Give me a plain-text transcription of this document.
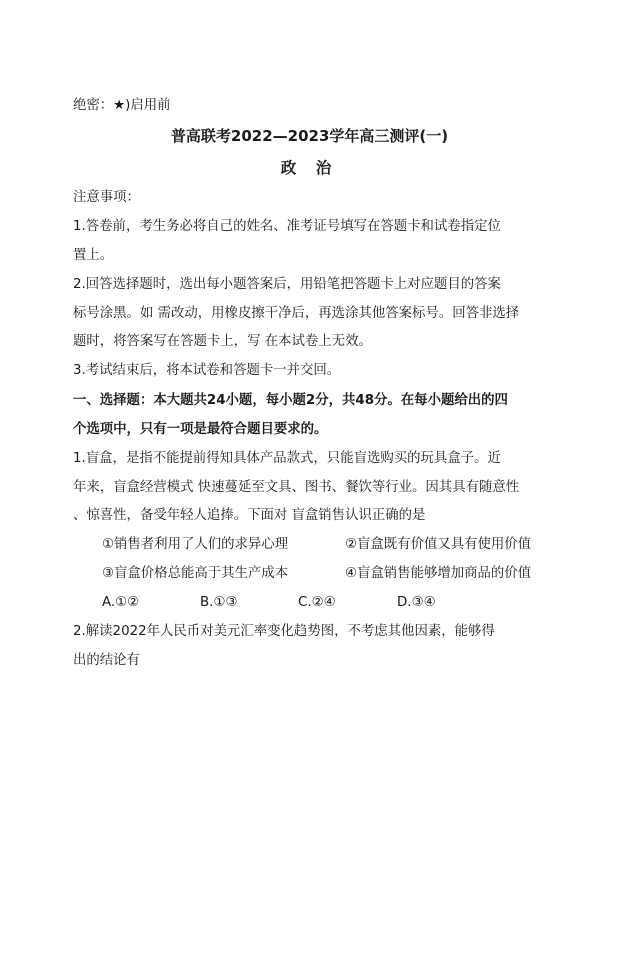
绝密：★)启用前
普高联考2022—2023学年高三测评(一)
政 治
注意事项：
1.答卷前，考生务必将自己的姓名、准考证号填写在答题卡和试卷指定位
置上。
2.回答选择题时，选出每小题答案后，用铅笔把答题卡上对应题目的答案
标号涂黑。如 需改动，用橡皮擦干净后，再选涂其他答案标号。回答非选择
题时，将答案写在答题卡上，写 在本试卷上无效。
3.考试结束后，将本试卷和答题卡一并交回。
一、选择题：本大题共24小题，每小题2分，共48分。在每小题给出的四
个选项中，只有一项是最符合题目要求的。
1.盲盒，是指不能提前得知具体产品款式，只能盲选购买的玩具盒子。近
年来，盲盒经营模式 快速蔓延至文具、图书、餐饮等行业。因其具有随意性
、惊喜性，备受年轻人追捧。下面对 盲盒销售认识正确的是
①销售者利用了人们的求异心理	②盲盒既有价值又具有使用价值
③盲盒价格总能高于其生产成本	④盲盒销售能够增加商品的价值
A.①②	B.①③	C.②④	D.③④
2.解读2022年人民币对美元汇率变化趋势图，不考虑其他因素，能够得
出的结论有
